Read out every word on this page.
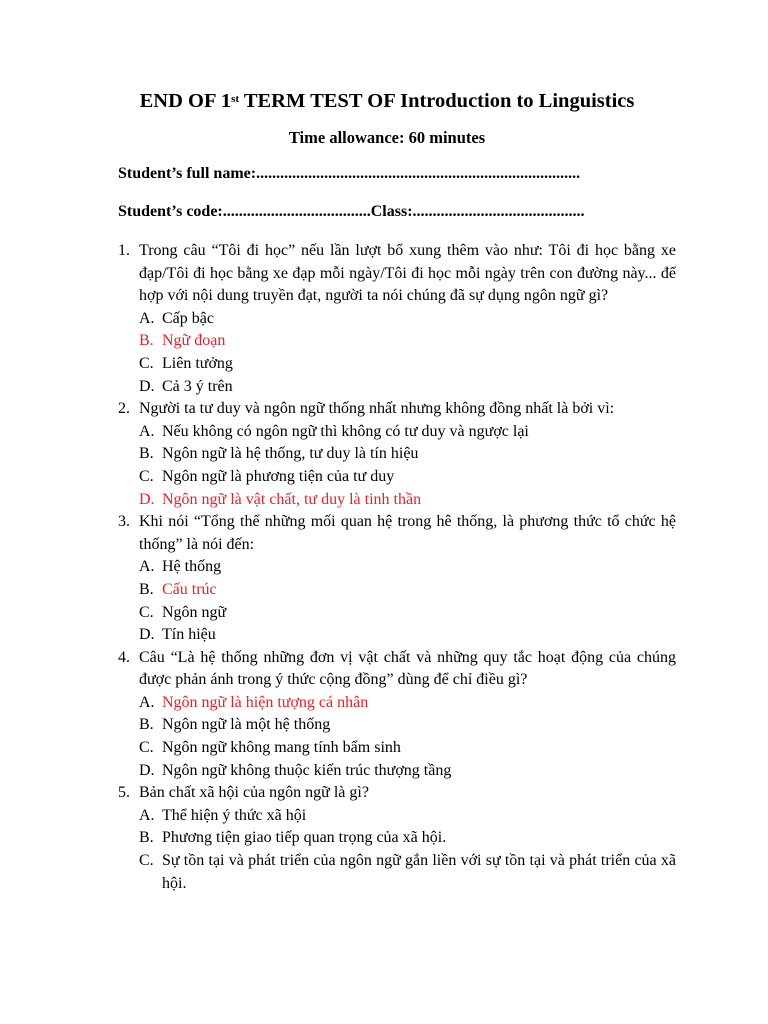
END OF 1st TERM TEST OF Introduction to Linguistics
Time allowance: 60 minutes
Student’s full name:.................................................................................
Student’s code:.....................................Class:...........................................
1. Trong câu “Tôi đi học” nếu lần lượt bổ xung thêm vào như: Tôi đi học bằng xe đạp/Tôi đi học bằng xe đạp mỗi ngày/Tôi đi học mỗi ngày trên con đường này... để hợp với nội dung truyền đạt, người ta nói chúng đã sự dụng ngôn ngữ gì?
A. Cấp bậc
B. Ngữ đoạn
C. Liên tưởng
D. Cả 3 ý trên
2. Người ta tư duy và ngôn ngữ thống nhất nhưng không đồng nhất là bởi vì:
A. Nếu không có ngôn ngữ thì không có tư duy và ngược lại
B. Ngôn ngữ là hệ thống, tư duy là tín hiệu
C. Ngôn ngữ là phương tiện của tư duy
D. Ngôn ngữ là vật chất, tư duy là tinh thần
3. Khi nói “Tổng thể những mối quan hệ trong hê thống, là phương thức tổ chức hệ thống” là nói đến:
A. Hệ thống
B. Cấu trúc
C. Ngôn ngữ
D. Tín hiệu
4. Câu “Là hệ thống những đơn vị vật chất và những quy tắc hoạt động của chúng được phản ánh trong ý thức cộng đồng” dùng để chỉ điều gì?
A. Ngôn ngữ là hiện tượng cá nhân
B. Ngôn ngữ là một hệ thống
C. Ngôn ngữ không mang tính bẩm sinh
D. Ngôn ngữ không thuộc kiến trúc thượng tầng
5. Bản chất xã hội của ngôn ngữ là gì?
A. Thể hiện ý thức xã hội
B. Phương tiện giao tiếp quan trọng của xã hội.
C. Sự tồn tại và phát triển của ngôn ngữ gắn liền với sự tồn tại và phát triển của xã hội.
